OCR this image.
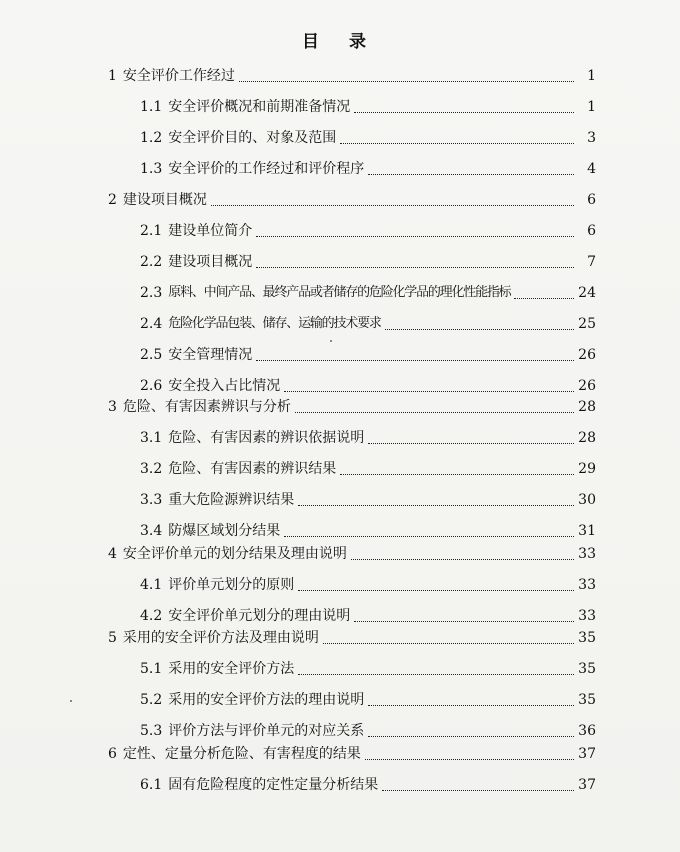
目 录
1 安全评价工作经过	1
1.1 安全评价概况和前期准备情况	1
1.2 安全评价目的、对象及范围	3
1.3 安全评价的工作经过和评价程序	4
2 建设项目概况	6
2.1 建设单位简介	6
2.2 建设项目概况	7
2.3 原料、中间产品、最终产品或者储存的危险化学品的理化性能指标	24
2.4 危险化学品包装、储存、运输的技术要求	25
2.5 安全管理情况	26
2.6 安全投入占比情况	26
3 危险、有害因素辨识与分析	28
3.1 危险、有害因素的辨识依据说明	28
3.2 危险、有害因素的辨识结果	29
3.3 重大危险源辨识结果	30
3.4 防爆区域划分结果	31
4 安全评价单元的划分结果及理由说明	33
4.1 评价单元划分的原则	33
4.2 安全评价单元划分的理由说明	33
5 采用的安全评价方法及理由说明	35
5.1 采用的安全评价方法	35
5.2 采用的安全评价方法的理由说明	35
5.3 评价方法与评价单元的对应关系	36
6 定性、定量分析危险、有害程度的结果	37
6.1 固有危险程度的定性定量分析结果	37
